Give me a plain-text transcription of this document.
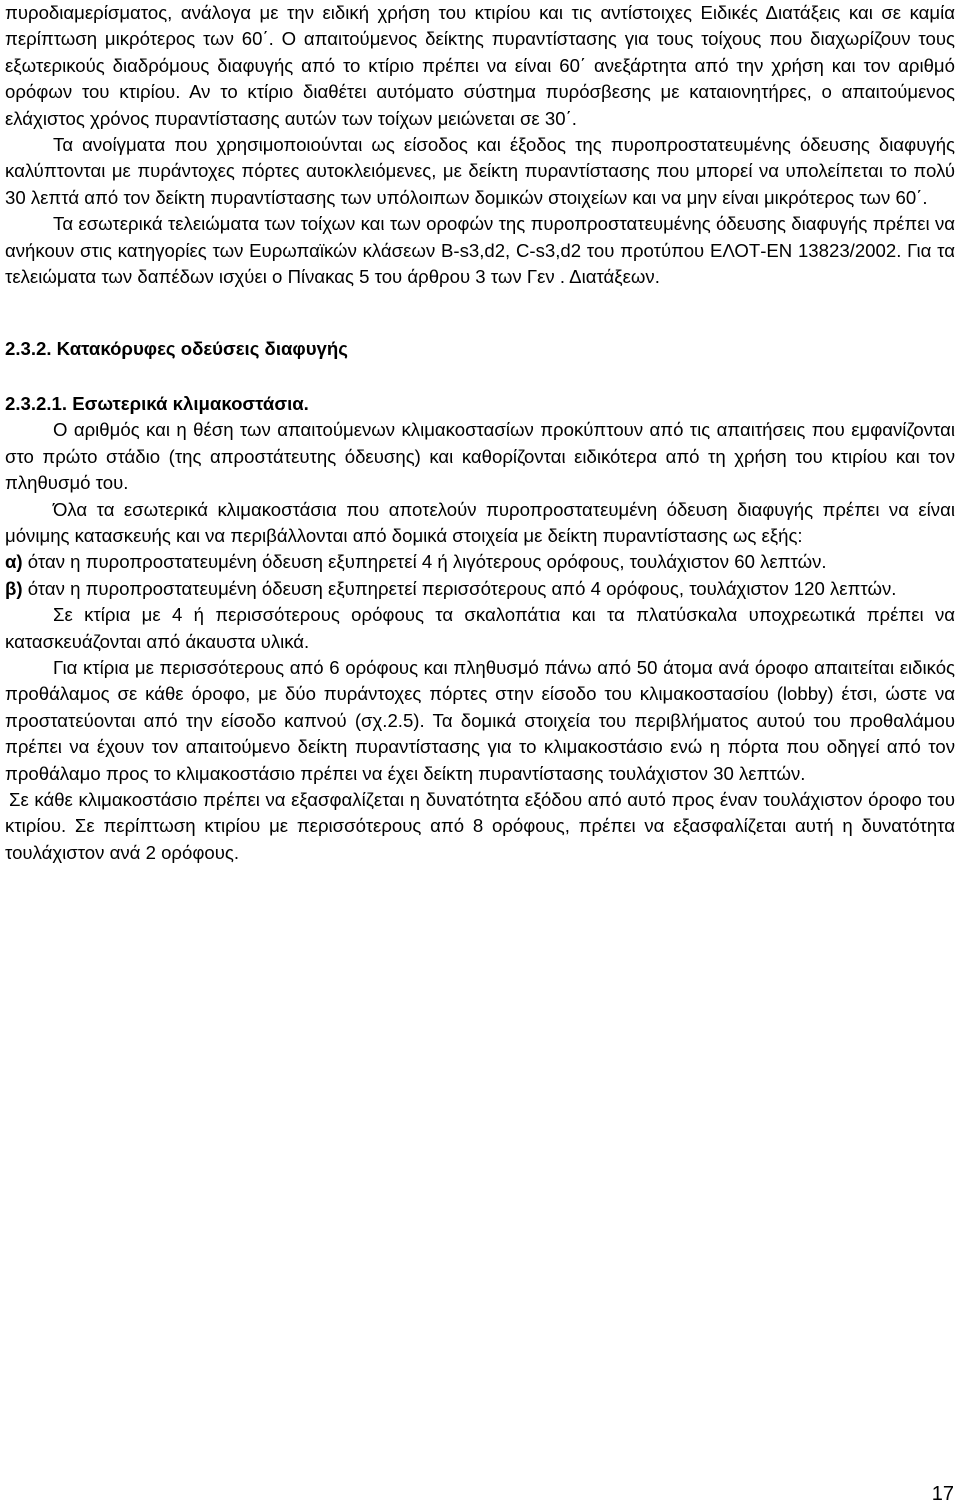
πυροδιαμερίσματος, ανάλογα με την ειδική χρήση του κτιρίου και τις αντίστοιχες Ειδικές Διατάξεις και σε καμία περίπτωση μικρότερος των 60΄. Ο απαιτούμενος δείκτης πυραντίστασης για τους τοίχους που διαχωρίζουν τους εξωτερικούς διαδρόμους διαφυγής από το κτίριο πρέπει να είναι 60΄ ανεξάρτητα από την χρήση και τον αριθμό ορόφων του κτιρίου. Αν το κτίριο διαθέτει αυτόματο σύστημα πυρόσβεσης με καταιονητήρες, ο απαιτούμενος ελάχιστος χρόνος πυραντίστασης αυτών των τοίχων μειώνεται σε 30΄.

Τα ανοίγματα που χρησιμοποιούνται ως είσοδος και έξοδος της πυροπροστατευμένης όδευσης διαφυγής καλύπτονται με πυράντοχες πόρτες αυτοκλειόμενες, με δείκτη πυραντίστασης που μπορεί να υπολείπεται το πολύ 30 λεπτά από τον δείκτη πυραντίστασης των υπόλοιπων δομικών στοιχείων και να μην είναι μικρότερος των 60΄.

Τα εσωτερικά τελειώματα των τοίχων και των οροφών της πυροπροστατευμένης όδευσης διαφυγής πρέπει να ανήκουν στις κατηγορίες των Ευρωπαϊκών κλάσεων B-s3,d2, C-s3,d2 του προτύπου ΕΛΟΤ-ΕΝ 13823/2002. Για τα τελειώματα των δαπέδων ισχύει ο Πίνακας 5 του άρθρου 3 των Γεν . Διατάξεων.

2.3.2. Κατακόρυφες οδεύσεις διαφυγής

2.3.2.1. Εσωτερικά κλιμακοστάσια.

Ο αριθμός και η θέση των απαιτούμενων κλιμακοστασίων προκύπτουν από τις απαιτήσεις που εμφανίζονται στο πρώτο στάδιο (της απροστάτευτης όδευσης) και καθορίζονται ειδικότερα από τη χρήση του κτιρίου και τον πληθυσμό του.

Όλα τα εσωτερικά κλιμακοστάσια που αποτελούν πυροπροστατευμένη όδευση διαφυγής πρέπει να είναι μόνιμης κατασκευής και να περιβάλλονται από δομικά στοιχεία με δείκτη πυραντίστασης ως εξής:

α) όταν η πυροπροστατευμένη όδευση εξυπηρετεί 4 ή λιγότερους ορόφους, τουλάχιστον 60 λεπτών.

β) όταν η πυροπροστατευμένη όδευση εξυπηρετεί περισσότερους από 4 ορόφους, τουλάχιστον 120 λεπτών.

Σε κτίρια με 4 ή περισσότερους ορόφους τα σκαλοπάτια και τα πλατύσκαλα υποχρεωτικά πρέπει να κατασκευάζονται από άκαυστα υλικά.

Για κτίρια με περισσότερους από 6 ορόφους και πληθυσμό πάνω από 50 άτομα ανά όροφο απαιτείται ειδικός προθάλαμος σε κάθε όροφο, με δύο πυράντοχες πόρτες στην είσοδο του κλιμακοστασίου (lobby) έτσι, ώστε να προστατεύονται από την είσοδο καπνού (σχ.2.5). Τα δομικά στοιχεία του περιβλήματος αυτού του προθαλάμου πρέπει να έχουν τον απαιτούμενο δείκτη πυραντίστασης για το κλιμακοστάσιο ενώ η πόρτα που οδηγεί από τον προθάλαμο προς το κλιμακοστάσιο πρέπει να έχει δείκτη πυραντίστασης τουλάχιστον 30 λεπτών.

Σε κάθε κλιμακοστάσιο πρέπει να εξασφαλίζεται η δυνατότητα εξόδου από αυτό προς έναν τουλάχιστον όροφο του κτιρίου. Σε περίπτωση κτιρίου με περισσότερους από 8 ορόφους, πρέπει να εξασφαλίζεται αυτή η δυνατότητα τουλάχιστον ανά 2 ορόφους.

17
